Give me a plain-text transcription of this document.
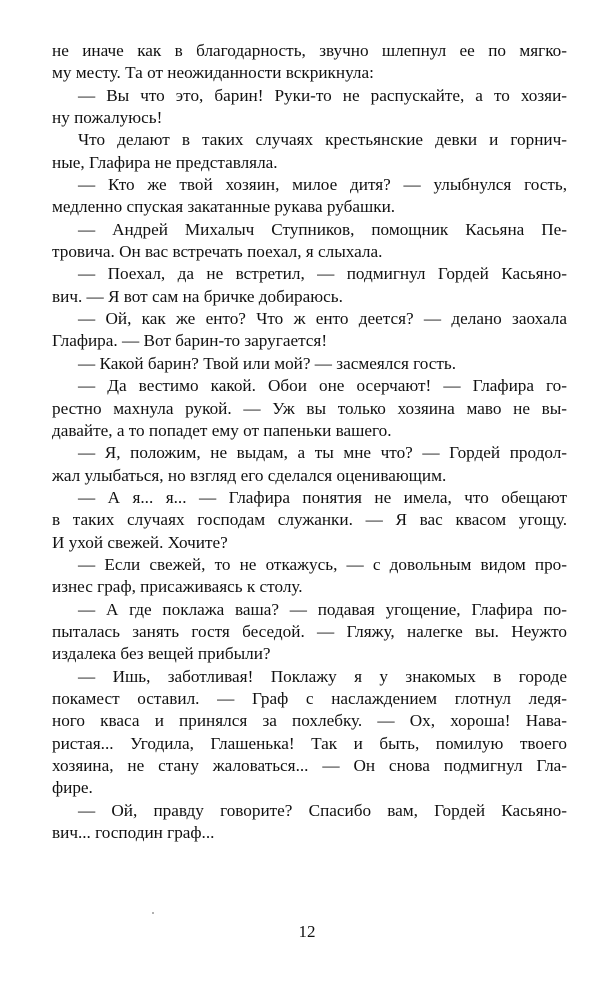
не иначе как в благодарность, звучно шлепнул ее по мягко-
му месту. Та от неожиданности вскрикнула:
— Вы что это, барин! Руки-то не распускайте, а то хозяи-
ну пожалуюсь!
Что делают в таких случаях крестьянские девки и горнич-
ные, Глафира не представляла.
— Кто же твой хозяин, милое дитя? — улыбнулся гость,
медленно спуская закатанные рукава рубашки.
— Андрей Михалыч Ступников, помощник Касьяна Пе-
тровича. Он вас встречать поехал, я слыхала.
— Поехал, да не встретил, — подмигнул Гордей Касьяно-
вич. — Я вот сам на бричке добираюсь.
— Ой, как же енто? Что ж енто деется? — делано заохала
Глафира. — Вот барин-то заругается!
— Какой барин? Твой или мой? — засмеялся гость.
— Да вестимо какой. Обои оне осерчают! — Глафира го-
рестно махнула рукой. — Уж вы только хозяина маво не вы-
давайте, а то попадет ему от папеньки вашего.
— Я, положим, не выдам, а ты мне что? — Гордей продол-
жал улыбаться, но взгляд его сделался оценивающим.
— А я... я... — Глафира понятия не имела, что обещают
в таких случаях господам служанки. — Я вас квасом угощу.
И ухой свежей. Хочите?
— Если свежей, то не откажусь, — с довольным видом про-
изнес граф, присаживаясь к столу.
— А где поклажа ваша? — подавая угощение, Глафира по-
пыталась занять гостя беседой. — Гляжу, налегке вы. Неужто
издалека без вещей прибыли?
— Ишь, заботливая! Поклажу я у знакомых в городе
покамест оставил. — Граф с наслаждением глотнул ледя-
ного кваса и принялся за похлебку. — Ох, хороша! Нава-
ристая... Угодила, Глашенька! Так и быть, помилую твоего
хозяина, не стану жаловаться... — Он снова подмигнул Гла-
фире.
— Ой, правду говорите? Спасибо вам, Гордей Касьяно-
вич... господин граф...
12
